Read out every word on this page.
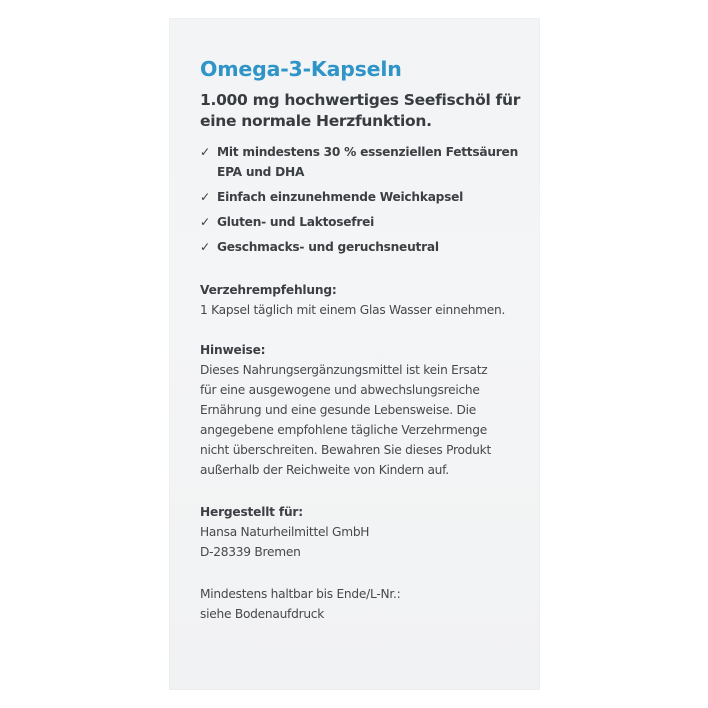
Omega-3-Kapseln

1.000 mg hochwertiges Seefischöl für
eine normale Herzfunktion.

✓ Mit mindestens 30 % essenziellen Fettsäuren
EPA und DHA
✓ Einfach einzunehmende Weichkapsel
✓ Gluten- und Laktosefrei
✓ Geschmacks- und geruchsneutral

Verzehrempfehlung:

1 Kapsel täglich mit einem Glas Wasser einnehmen.

Hinweise:

Dieses Nahrungsergänzungsmittel ist kein Ersatz

für eine ausgewogene und abwechslungsreiche

Ernährung und eine gesunde Lebensweise. Die

angegebene empfohlene tägliche Verzehrmenge

nicht überschreiten. Bewahren Sie dieses Produkt

außerhalb der Reichweite von Kindern auf.

Hergestellt für:

Hansa Naturheilmittel GmbH

D-28339 Bremen

Mindestens haltbar bis Ende/L-Nr.:

siehe Bodenaufdruck
